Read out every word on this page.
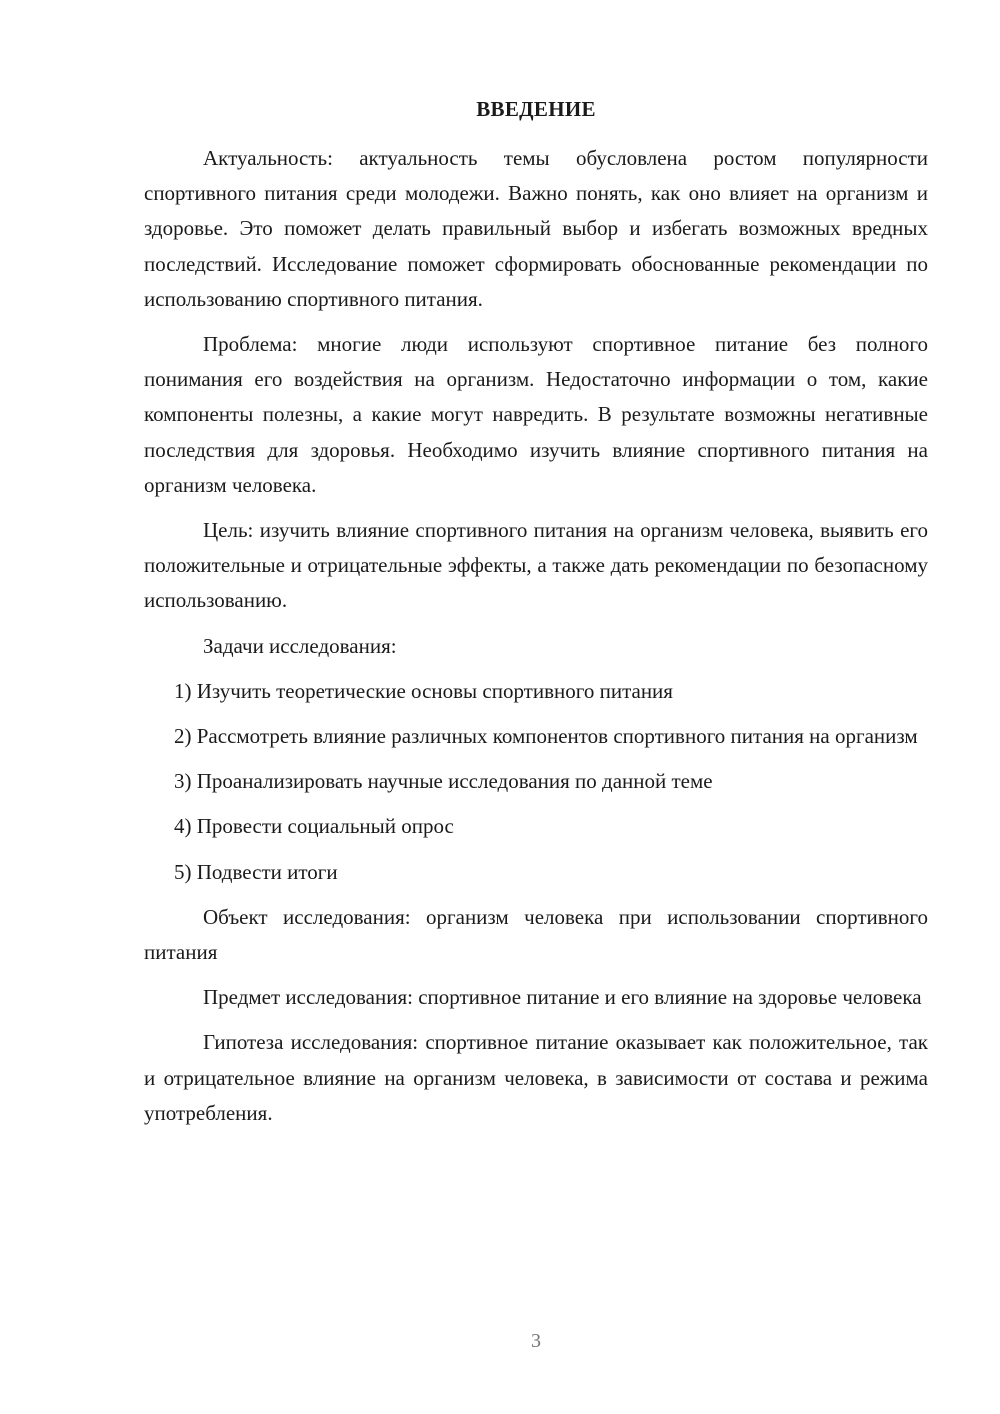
ВВЕДЕНИЕ

Актуальность: актуальность темы обусловлена ростом популярности спортивного питания среди молодежи. Важно понять, как оно влияет на организм и здоровье. Это поможет делать правильный выбор и избегать возможных вредных последствий. Исследование поможет сформировать обоснованные рекомендации по использованию спортивного питания.

Проблема: многие люди используют спортивное питание без полного понимания его воздействия на организм. Недостаточно информации о том, какие компоненты полезны, а какие могут навредить. В результате возможны негативные последствия для здоровья. Необходимо изучить влияние спортивного питания на организм человека.

Цель: изучить влияние спортивного питания на организм человека, выявить его положительные и отрицательные эффекты, а также дать рекомендации по безопасному использованию.

Задачи исследования:

1) Изучить теоретические основы спортивного питания

2) Рассмотреть влияние различных компонентов спортивного питания на организм

3) Проанализировать научные исследования по данной теме

4) Провести социальный опрос

5) Подвести итоги

Объект исследования: организм человека при использовании спортивного питания

Предмет исследования: спортивное питание и его влияние на здоровье человека

Гипотеза исследования: спортивное питание оказывает как положительное, так и отрицательное влияние на организм человека, в зависимости от состава и режима употребления.

3
